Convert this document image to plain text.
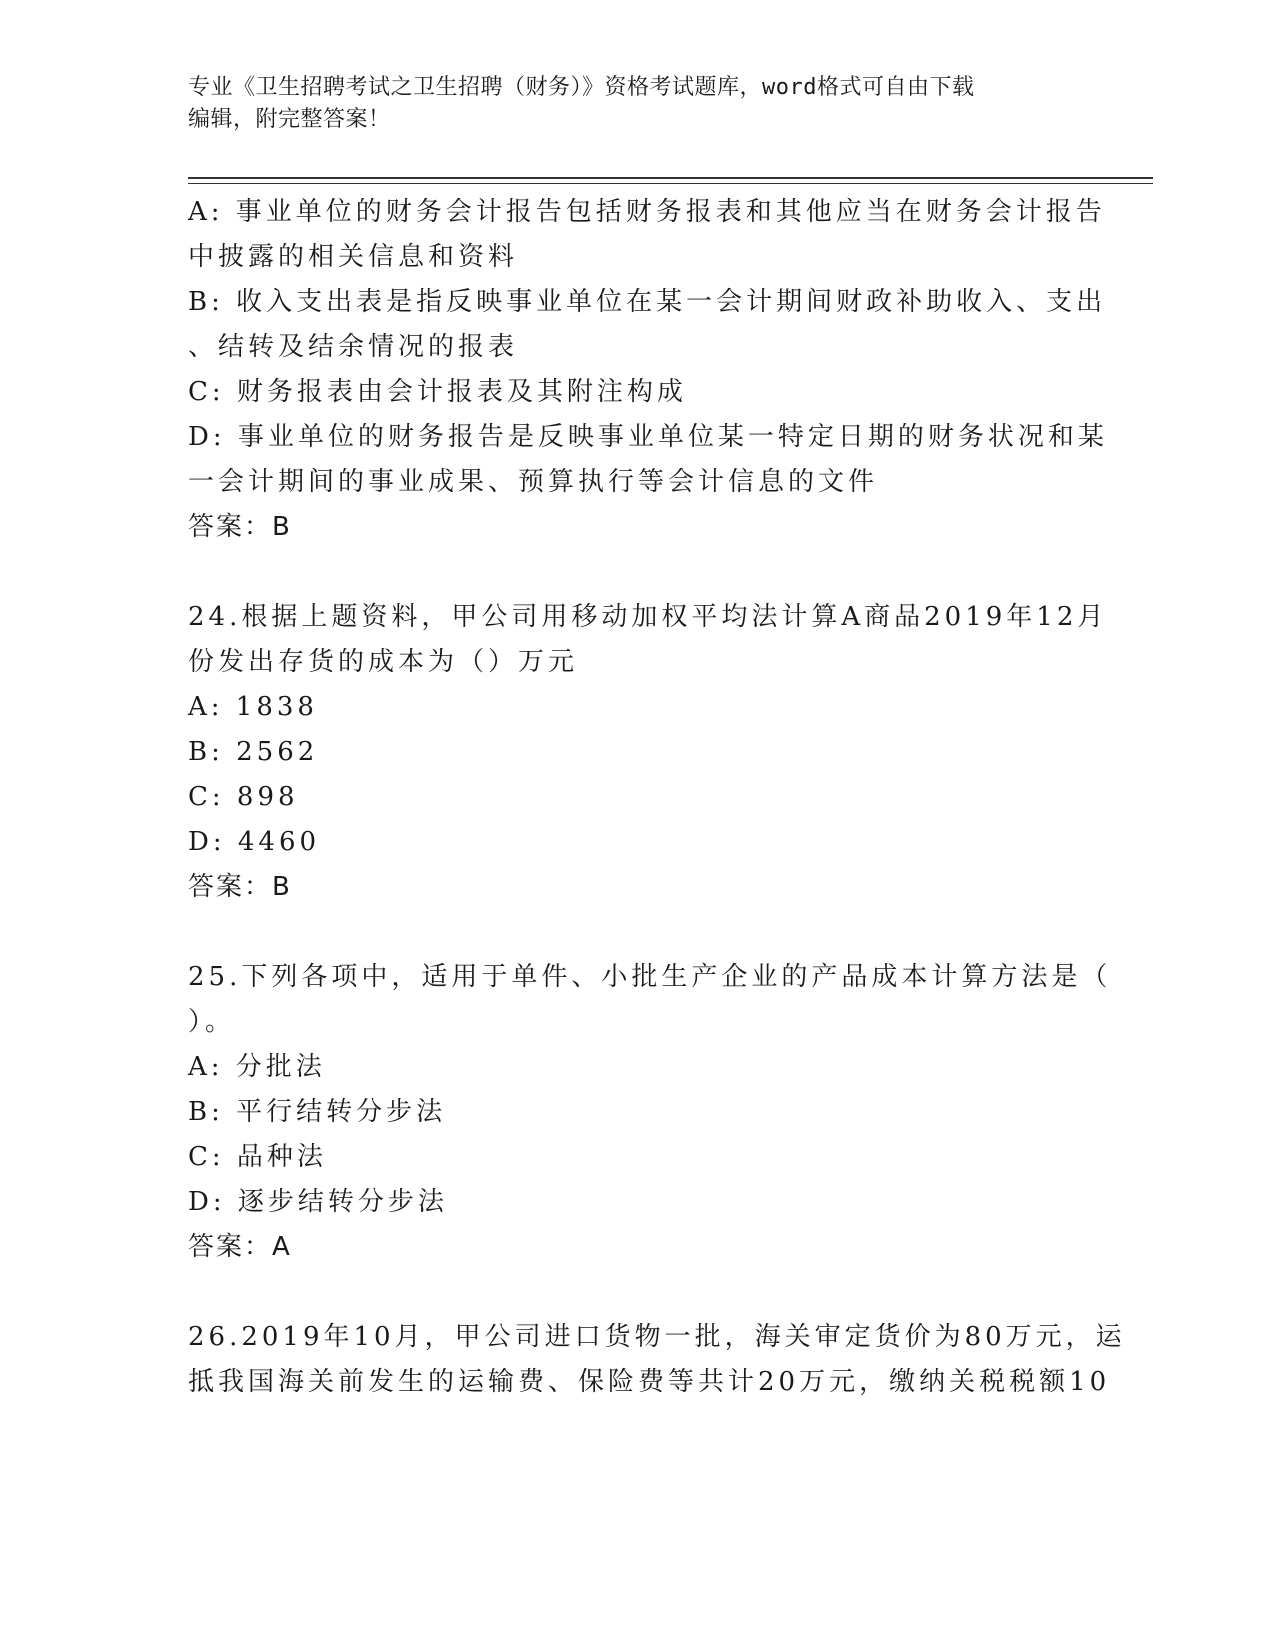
专业《卫生招聘考试之卫生招聘（财务）》资格考试题库，word格式可自由下载
编辑，附完整答案！
A: 事业单位的财务会计报告包括财务报表和其他应当在财务会计报告
中披露的相关信息和资料
B: 收入支出表是指反映事业单位在某一会计期间财政补助收入、支出
、结转及结余情况的报表
C: 财务报表由会计报表及其附注构成
D: 事业单位的财务报告是反映事业单位某一特定日期的财务状况和某
一会计期间的事业成果、预算执行等会计信息的文件
答案：B
24.根据上题资料，甲公司用移动加权平均法计算A商品2019年12月
份发出存货的成本为（）万元
A: 1838
B: 2562
C: 898
D: 4460
答案：B
25.下列各项中，适用于单件、小批生产企业的产品成本计算方法是（
）。
A: 分批法
B: 平行结转分步法
C: 品种法
D: 逐步结转分步法
答案：A
26.2019年10月，甲公司进口货物一批，海关审定货价为80万元，运
抵我国海关前发生的运输费、保险费等共计20万元，缴纳关税税额10
